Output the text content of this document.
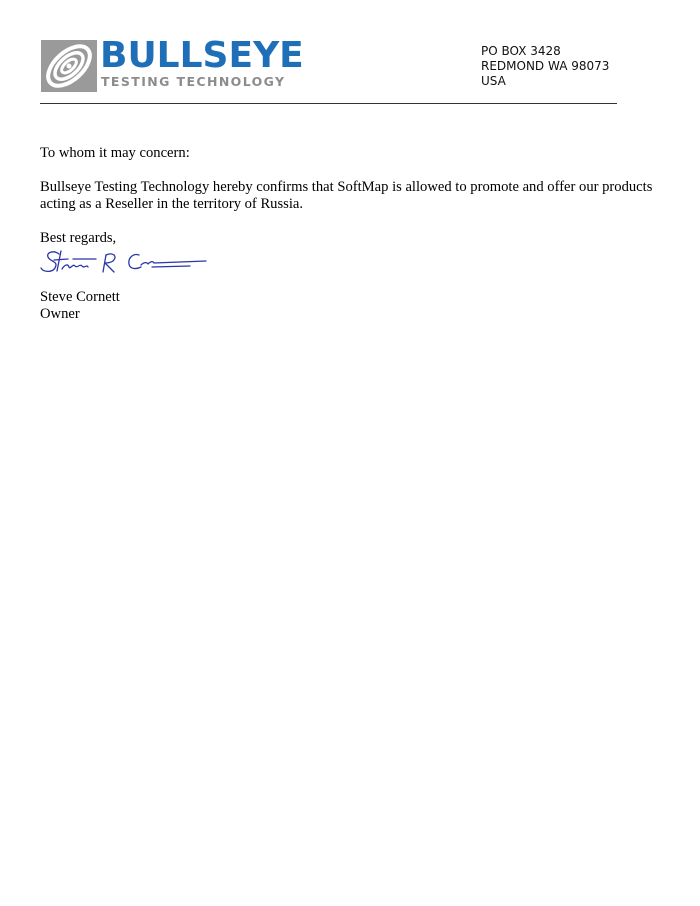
BULLSEYE
TESTING TECHNOLOGY
PO BOX 3428
REDMOND WA 98073
USA

To whom it may concern:

Bullseye Testing Technology hereby confirms that SoftMap is allowed to promote and offer our products acting as a Reseller in the territory of Russia.

Best regards,

Steve Cornett
Owner
